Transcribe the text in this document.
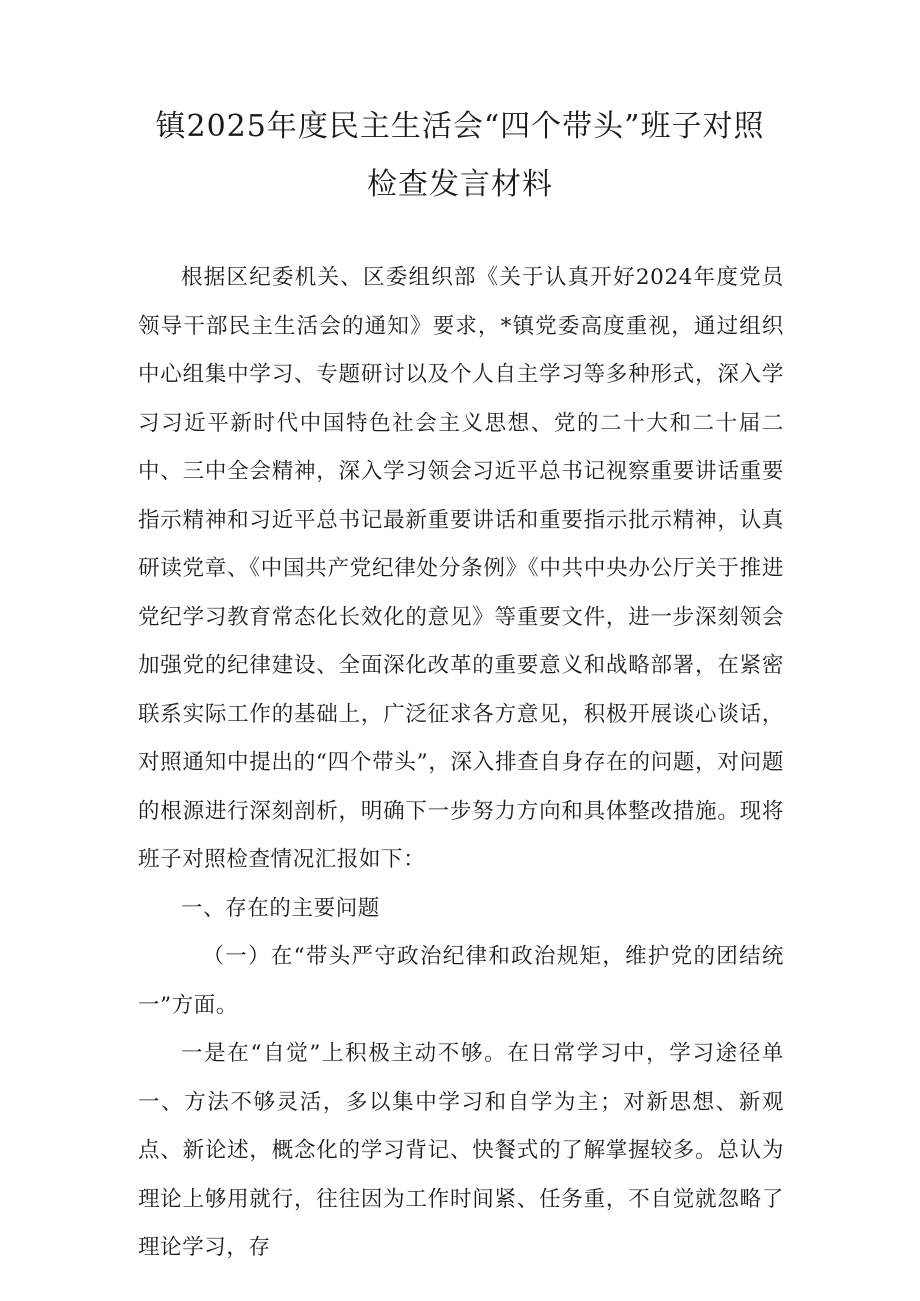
镇2025年度民主生活会“四个带头”班子对照
检查发言材料

根据区纪委机关、区委组织部《关于认真开好2024年度党员领导干部民主生活会的通知》要求，*镇党委高度重视，通过组织中心组集中学习、专题研讨以及个人自主学习等多种形式，深入学习习近平新时代中国特色社会主义思想、党的二十大和二十届二中、三中全会精神，深入学习领会习近平总书记视察重要讲话重要指示精神和习近平总书记最新重要讲话和重要指示批示精神，认真研读党章、《中国共产党纪律处分条例》《中共中央办公厅关于推进党纪学习教育常态化长效化的意见》等重要文件，进一步深刻领会加强党的纪律建设、全面深化改革的重要意义和战略部署，在紧密联系实际工作的基础上，广泛征求各方意见，积极开展谈心谈话，对照通知中提出的“四个带头”，深入排查自身存在的问题，对问题的根源进行深刻剖析，明确下一步努力方向和具体整改措施。现将班子对照检查情况汇报如下：

一、存在的主要问题

（一）在“带头严守政治纪律和政治规矩，维护党的团结统一”方面。

一是在“自觉”上积极主动不够。在日常学习中，学习途径单一、方法不够灵活，多以集中学习和自学为主；对新思想、新观点、新论述，概念化的学习背记、快餐式的了解掌握较多。总认为理论上够用就行，往往因为工作时间紧、任务重，不自觉就忽略了理论学习，存
